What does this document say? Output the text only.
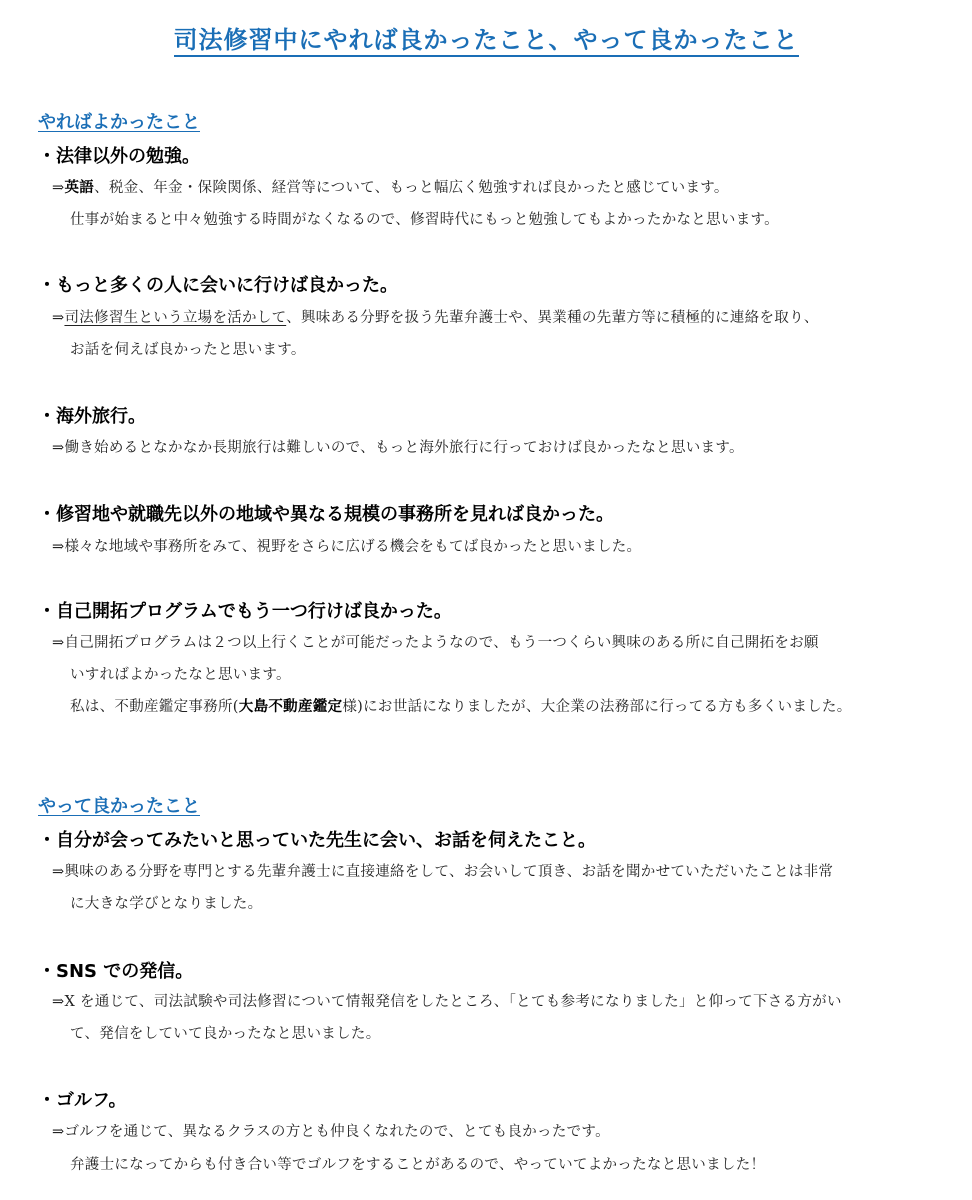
司法修習中にやれば良かったこと、やって良かったこと
やればよかったこと
・法律以外の勉強。
⇒英語、税金、年金・保険関係、経営等について、もっと幅広く勉強すれば良かったと感じています。
仕事が始まると中々勉強する時間がなくなるので、修習時代にもっと勉強してもよかったかなと思います。
・もっと多くの人に会いに行けば良かった。
⇒司法修習生という立場を活かして、興味ある分野を扱う先輩弁護士や、異業種の先輩方等に積極的に連絡を取り、
お話を伺えば良かったと思います。
・海外旅行。
⇒働き始めるとなかなか長期旅行は難しいので、もっと海外旅行に行っておけば良かったなと思います。
・修習地や就職先以外の地域や異なる規模の事務所を見れば良かった。
⇒様々な地域や事務所をみて、視野をさらに広げる機会をもてば良かったと思いました。
・自己開拓プログラムでもう一つ行けば良かった。
⇒自己開拓プログラムは２つ以上行くことが可能だったようなので、もう一つくらい興味のある所に自己開拓をお願
いすればよかったなと思います。
私は、不動産鑑定事務所(大島不動産鑑定様)にお世話になりましたが、大企業の法務部に行ってる方も多くいました。
やって良かったこと
・自分が会ってみたいと思っていた先生に会い、お話を伺えたこと。
⇒興味のある分野を専門とする先輩弁護士に直接連絡をして、お会いして頂き、お話を聞かせていただいたことは非常
に大きな学びとなりました。
・SNS での発信。
⇒X を通じて、司法試験や司法修習について情報発信をしたところ、「とても参考になりました」と仰って下さる方がい
て、発信をしていて良かったなと思いました。
・ゴルフ。
⇒ゴルフを通じて、異なるクラスの方とも仲良くなれたので、とても良かったです。
弁護士になってからも付き合い等でゴルフをすることがあるので、やっていてよかったなと思いました！
